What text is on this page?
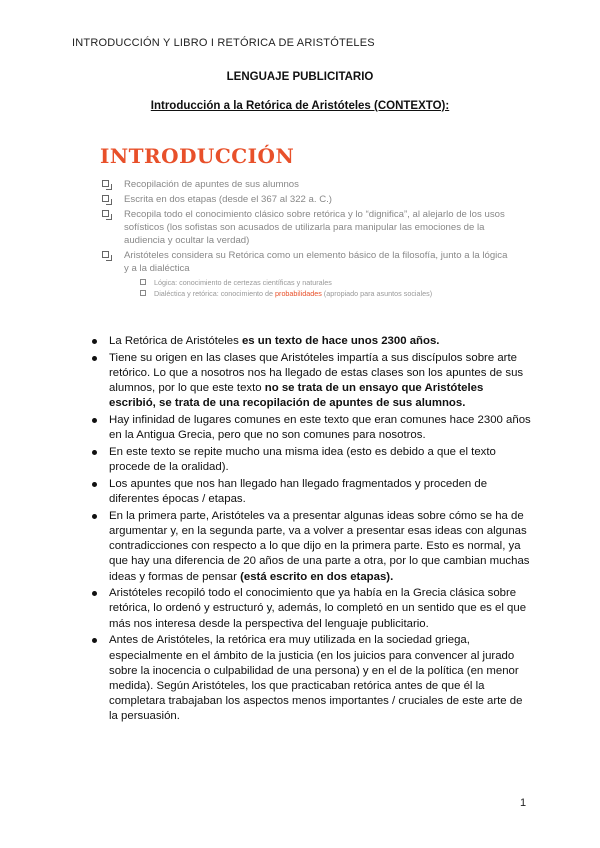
INTRODUCCIÓN Y LIBRO I RETÓRICA DE ARISTÓTELES
LENGUAJE PUBLICITARIO
Introducción a la Retórica de Aristóteles (CONTEXTO):
INTRODUCCIÓN
Recopilación de apuntes de sus alumnos
Escrita en dos etapas (desde el 367 al 322 a. C.)
Recopila todo el conocimiento clásico sobre retórica y lo “dignifica”, al alejarlo de los usos sofísticos (los sofistas son acusados de utilizarla para manipular las emociones de la audiencia y ocultar la verdad)
Aristóteles considera su Retórica como un elemento básico de la filosofía, junto a la lógica y a la dialéctica
Lógica: conocimiento de certezas científicas y naturales
Dialéctica y retórica: conocimiento de probabilidades (apropiado para asuntos sociales)
La Retórica de Aristóteles es un texto de hace unos 2300 años.
Tiene su origen en las clases que Aristóteles impartía a sus discípulos sobre arte retórico. Lo que a nosotros nos ha llegado de estas clases son los apuntes de sus alumnos, por lo que este texto no se trata de un ensayo que Aristóteles escribió, se trata de una recopilación de apuntes de sus alumnos.
Hay infinidad de lugares comunes en este texto que eran comunes hace 2300 años en la Antigua Grecia, pero que no son comunes para nosotros.
En este texto se repite mucho una misma idea (esto es debido a que el texto procede de la oralidad).
Los apuntes que nos han llegado han llegado fragmentados y proceden de diferentes épocas / etapas.
En la primera parte, Aristóteles va a presentar algunas ideas sobre cómo se ha de argumentar y, en la segunda parte, va a volver a presentar esas ideas con algunas contradicciones con respecto a lo que dijo en la primera parte. Esto es normal, ya que hay una diferencia de 20 años de una parte a otra, por lo que cambian muchas ideas y formas de pensar (está escrito en dos etapas).
Aristóteles recopiló todo el conocimiento que ya había en la Grecia clásica sobre retórica, lo ordenó y estructuró y, además, lo completó en un sentido que es el que más nos interesa desde la perspectiva del lenguaje publicitario.
Antes de Aristóteles, la retórica era muy utilizada en la sociedad griega, especialmente en el ámbito de la justicia (en los juicios para convencer al jurado sobre la inocencia o culpabilidad de una persona) y en el de la política (en menor medida). Según Aristóteles, los que practicaban retórica antes de que él la completara trabajaban los aspectos menos importantes / cruciales de este arte de la persuasión.
1
